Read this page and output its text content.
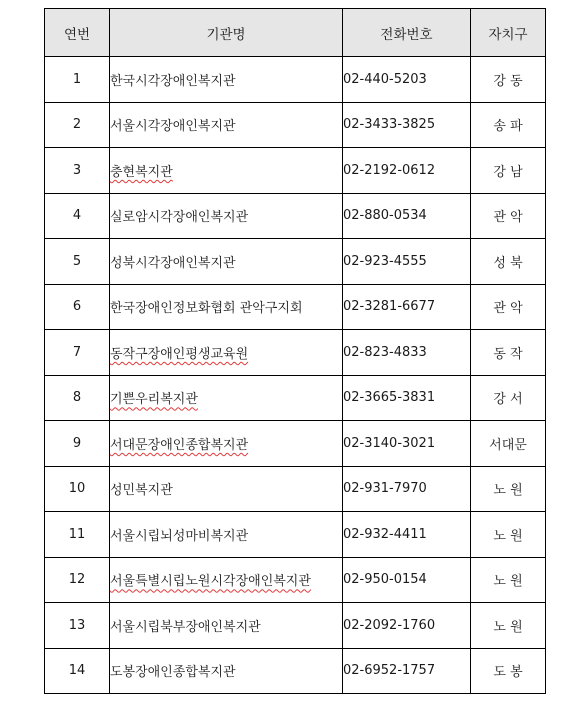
연번	기관명	전화번호	자치구
1	한국시각장애인복지관	02-440-5203	강 동
2	서울시각장애인복지관	02-3433-3825	송 파
3	충현복지관	02-2192-0612	강 남
4	실로암시각장애인복지관	02-880-0534	관 악
5	성북시각장애인복지관	02-923-4555	성 북
6	한국장애인정보화협회 관악구지회	02-3281-6677	관 악
7	동작구장애인평생교육원	02-823-4833	동 작
8	기쁜우리복지관	02-3665-3831	강 서
9	서대문장애인종합복지관	02-3140-3021	서대문
10	성민복지관	02-931-7970	노 원
11	서울시립뇌성마비복지관	02-932-4411	노 원
12	서울특별시립노원시각장애인복지관	02-950-0154	노 원
13	서울시립북부장애인복지관	02-2092-1760	노 원
14	도봉장애인종합복지관	02-6952-1757	도 봉
